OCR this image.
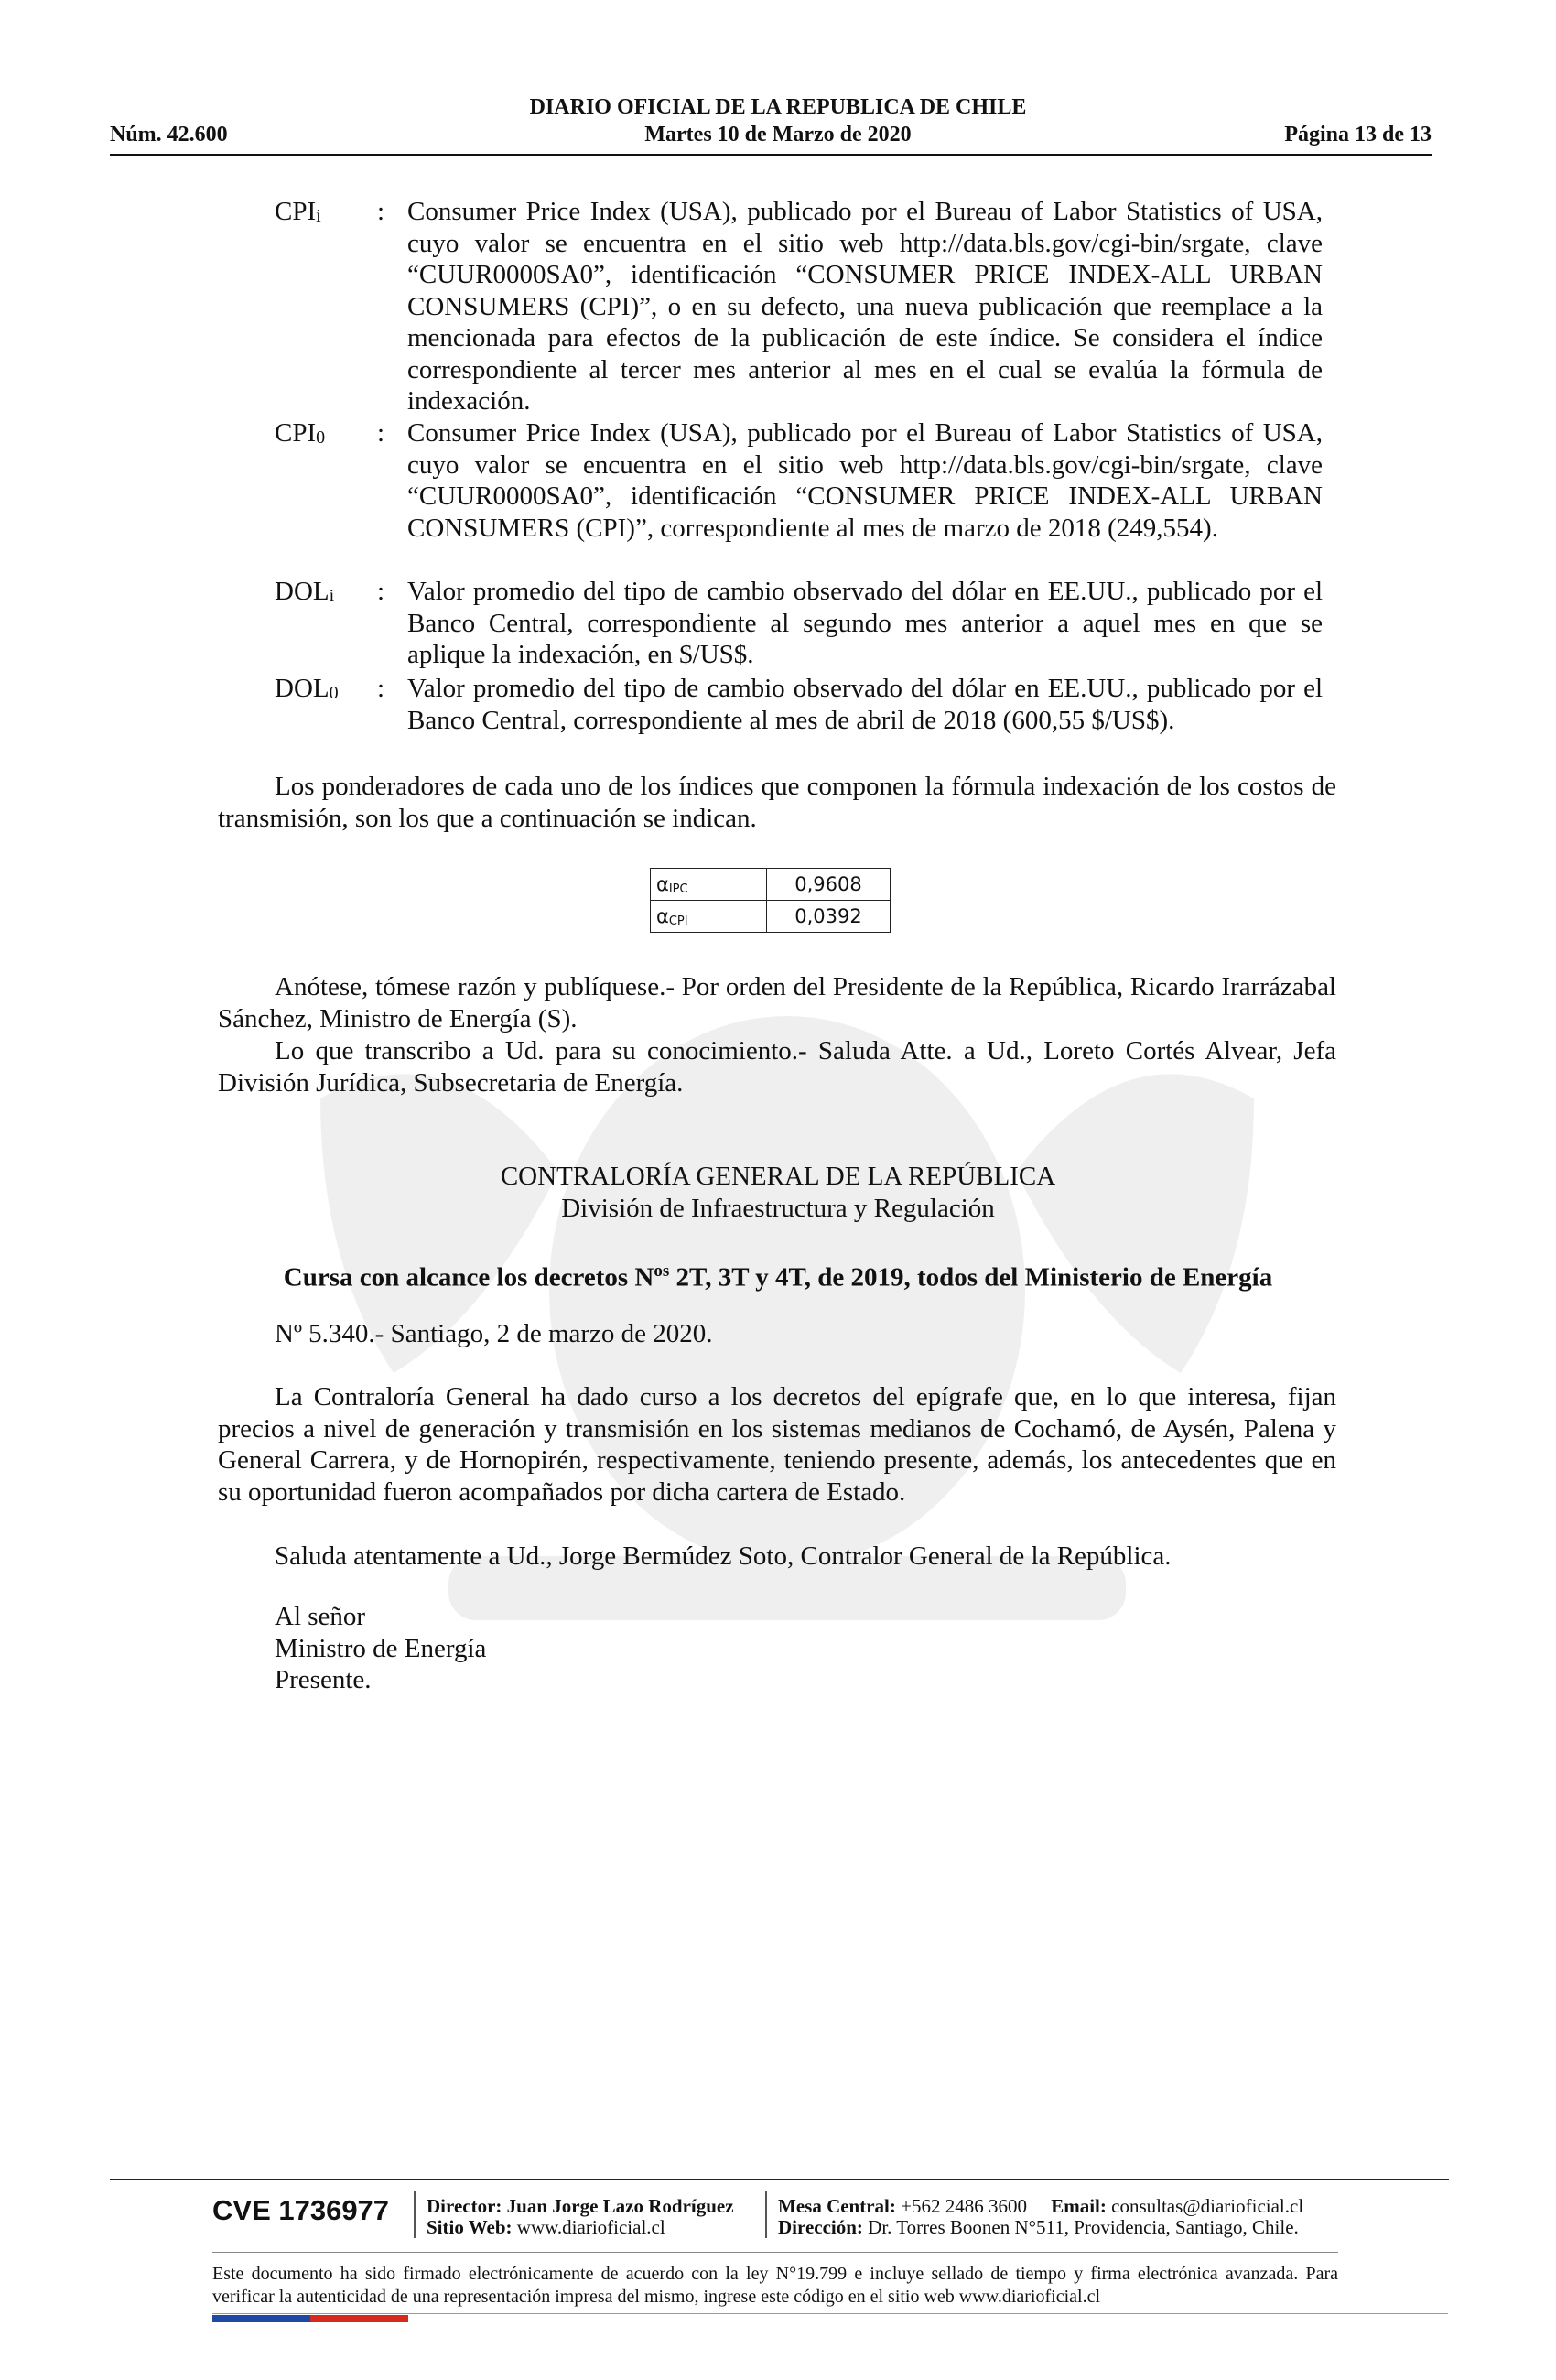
DIARIO OFICIAL DE LA REPUBLICA DE CHILE
Núm. 42.600	Martes 10 de Marzo de 2020	Página 13 de 13
$CPI_i$	: Consumer Price Index (USA), publicado por el Bureau of Labor Statistics of USA, cuyo valor se encuentra en el sitio web http://data.bls.gov/cgi-bin/srgate, clave “CUUR0000SA0”, identificación “CONSUMER PRICE INDEX-ALL URBAN CONSUMERS (CPI)”, o en su defecto, una nueva publicación que reemplace a la mencionada para efectos de la publicación de este índice. Se considera el índice correspondiente al tercer mes anterior al mes en el cual se evalúa la fórmula de indexación.
$CPI_0$	: Consumer Price Index (USA), publicado por el Bureau of Labor Statistics of USA, cuyo valor se encuentra en el sitio web http://data.bls.gov/cgi-bin/srgate, clave “CUUR0000SA0”, identificación “CONSUMER PRICE INDEX-ALL URBAN CONSUMERS (CPI)”, correspondiente al mes de marzo de 2018 (249,554).
$DOL_i$	: Valor promedio del tipo de cambio observado del dólar en EE.UU., publicado por el Banco Central, correspondiente al segundo mes anterior a aquel mes en que se aplique la indexación, en $/US$.
$DOL_0$	: Valor promedio del tipo de cambio observado del dólar en EE.UU., publicado por el Banco Central, correspondiente al mes de abril de 2018 (600,55 $/US$).
Los ponderadores de cada uno de los índices que componen la fórmula indexación de los costos de transmisión, son los que a continuación se indican.
$\alpha_{IPC}$	0,9608
$\alpha_{CPI}$	0,0392
Anótese, tómese razón y publíquese.- Por orden del Presidente de la República, Ricardo Irarrázabal Sánchez, Ministro de Energía (S).
Lo que transcribo a Ud. para su conocimiento.- Saluda Atte. a Ud., Loreto Cortés Alvear, Jefa División Jurídica, Subsecretaria de Energía.
CONTRALORÍA GENERAL DE LA REPÚBLICA
División de Infraestructura y Regulación
Cursa con alcance los decretos $N^{os}$ 2T, 3T y 4T, de 2019, todos del Ministerio de Energía
Nº 5.340.- Santiago, 2 de marzo de 2020.
La Contraloría General ha dado curso a los decretos del epígrafe que, en lo que interesa, fijan precios a nivel de generación y transmisión en los sistemas medianos de Cochamó, de Aysén, Palena y General Carrera, y de Hornopirén, respectivamente, teniendo presente, además, los antecedentes que en su oportunidad fueron acompañados por dicha cartera de Estado.
Saluda atentamente a Ud., Jorge Bermúdez Soto, Contralor General de la República.
Al señor
Ministro de Energía
Presente.
CVE 1736977 Director: Juan Jorge Lazo Rodríguez
Sitio Web: www.diarioficial.cl
Mesa Central: +562 2486 3600 Email: consultas@diarioficial.cl
Dirección: Dr. Torres Boonen N°511, Providencia, Santiago, Chile.
Este documento ha sido firmado electrónicamente de acuerdo con la ley N°19.799 e incluye sellado de tiempo y firma electrónica avanzada. Para verificar la autenticidad de una representación impresa del mismo, ingrese este código en el sitio web www.diarioficial.cl
